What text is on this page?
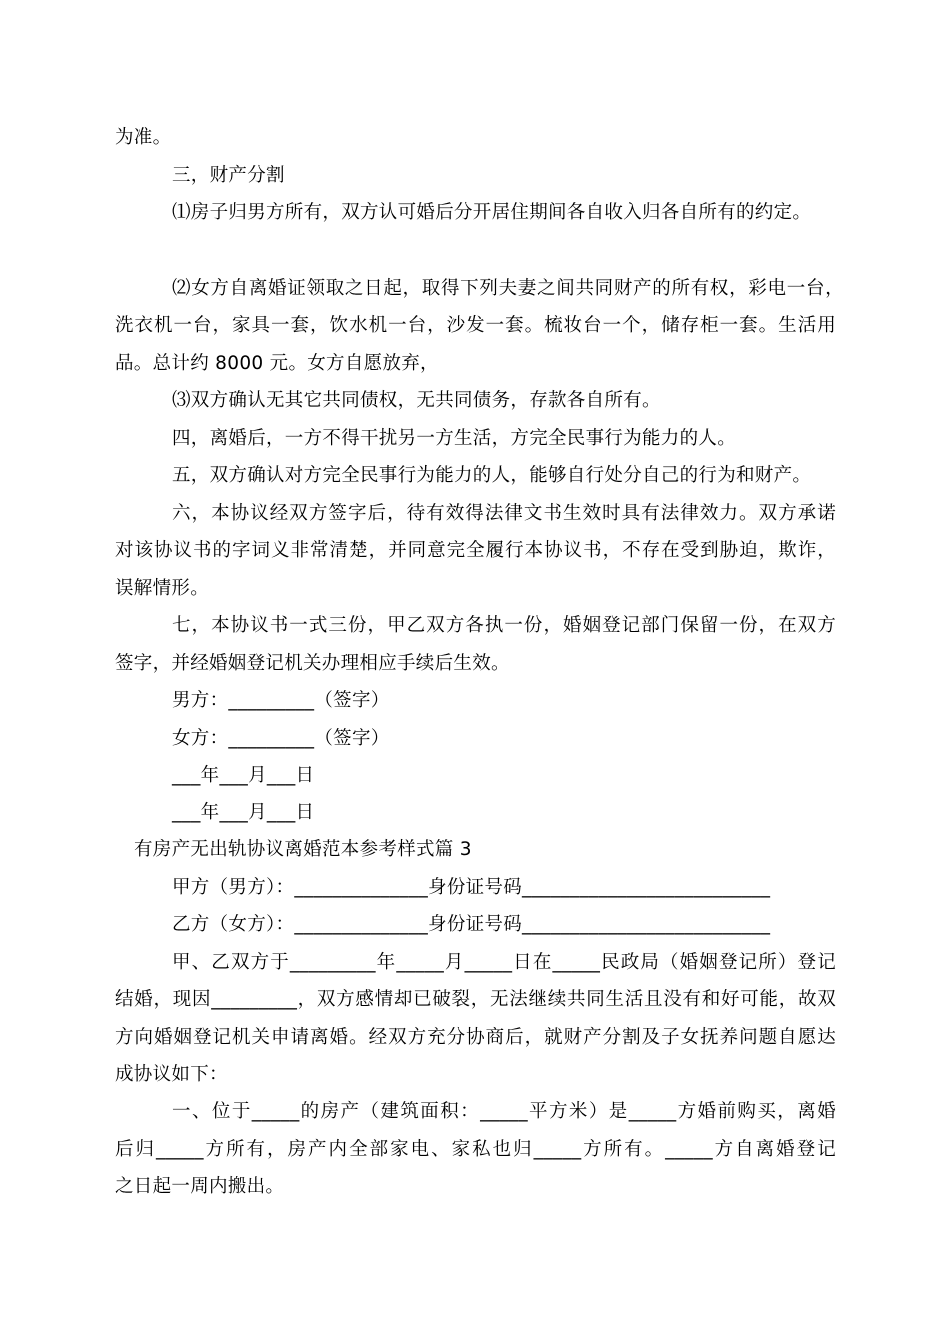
为准。
三，财产分割
⑴房子归男方所有，双方认可婚后分开居住期间各自收入归各自所有的约定。
⑵女方自离婚证领取之日起，取得下列夫妻之间共同财产的所有权，彩电一台，
洗衣机一台，家具一套，饮水机一台，沙发一套。梳妆台一个，储存柜一套。生活用
品。总计约 8000 元。女方自愿放弃，
⑶双方确认无其它共同债权，无共同债务，存款各自所有。
四，离婚后，一方不得干扰另一方生活，方完全民事行为能力的人。
五，双方确认对方完全民事行为能力的人，能够自行处分自己的行为和财产。
六，本协议经双方签字后，待有效得法律文书生效时具有法律效力。双方承诺
对该协议书的字词义非常清楚，并同意完全履行本协议书，不存在受到胁迫，欺诈，
误解情形。
七，本协议书一式三份，甲乙双方各执一份，婚姻登记部门保留一份，在双方
签字，并经婚姻登记机关办理相应手续后生效。
男方：_________（签字）
女方：_________（签字）
___年___月___日
___年___月___日
有房产无出轨协议离婚范本参考样式篇 3
甲方（男方）：______________身份证号码__________________________
乙方（女方）：______________身份证号码__________________________
甲、乙双方于_________年_____月_____日在_____民政局（婚姻登记所）登记
结婚，现因_________，双方感情却已破裂，无法继续共同生活且没有和好可能，故双
方向婚姻登记机关申请离婚。经双方充分协商后，就财产分割及子女抚养问题自愿达
成协议如下：
一、位于_____的房产（建筑面积：_____平方米）是_____方婚前购买，离婚
后归_____方所有，房产内全部家电、家私也归_____方所有。_____方自离婚登记
之日起一周内搬出。
